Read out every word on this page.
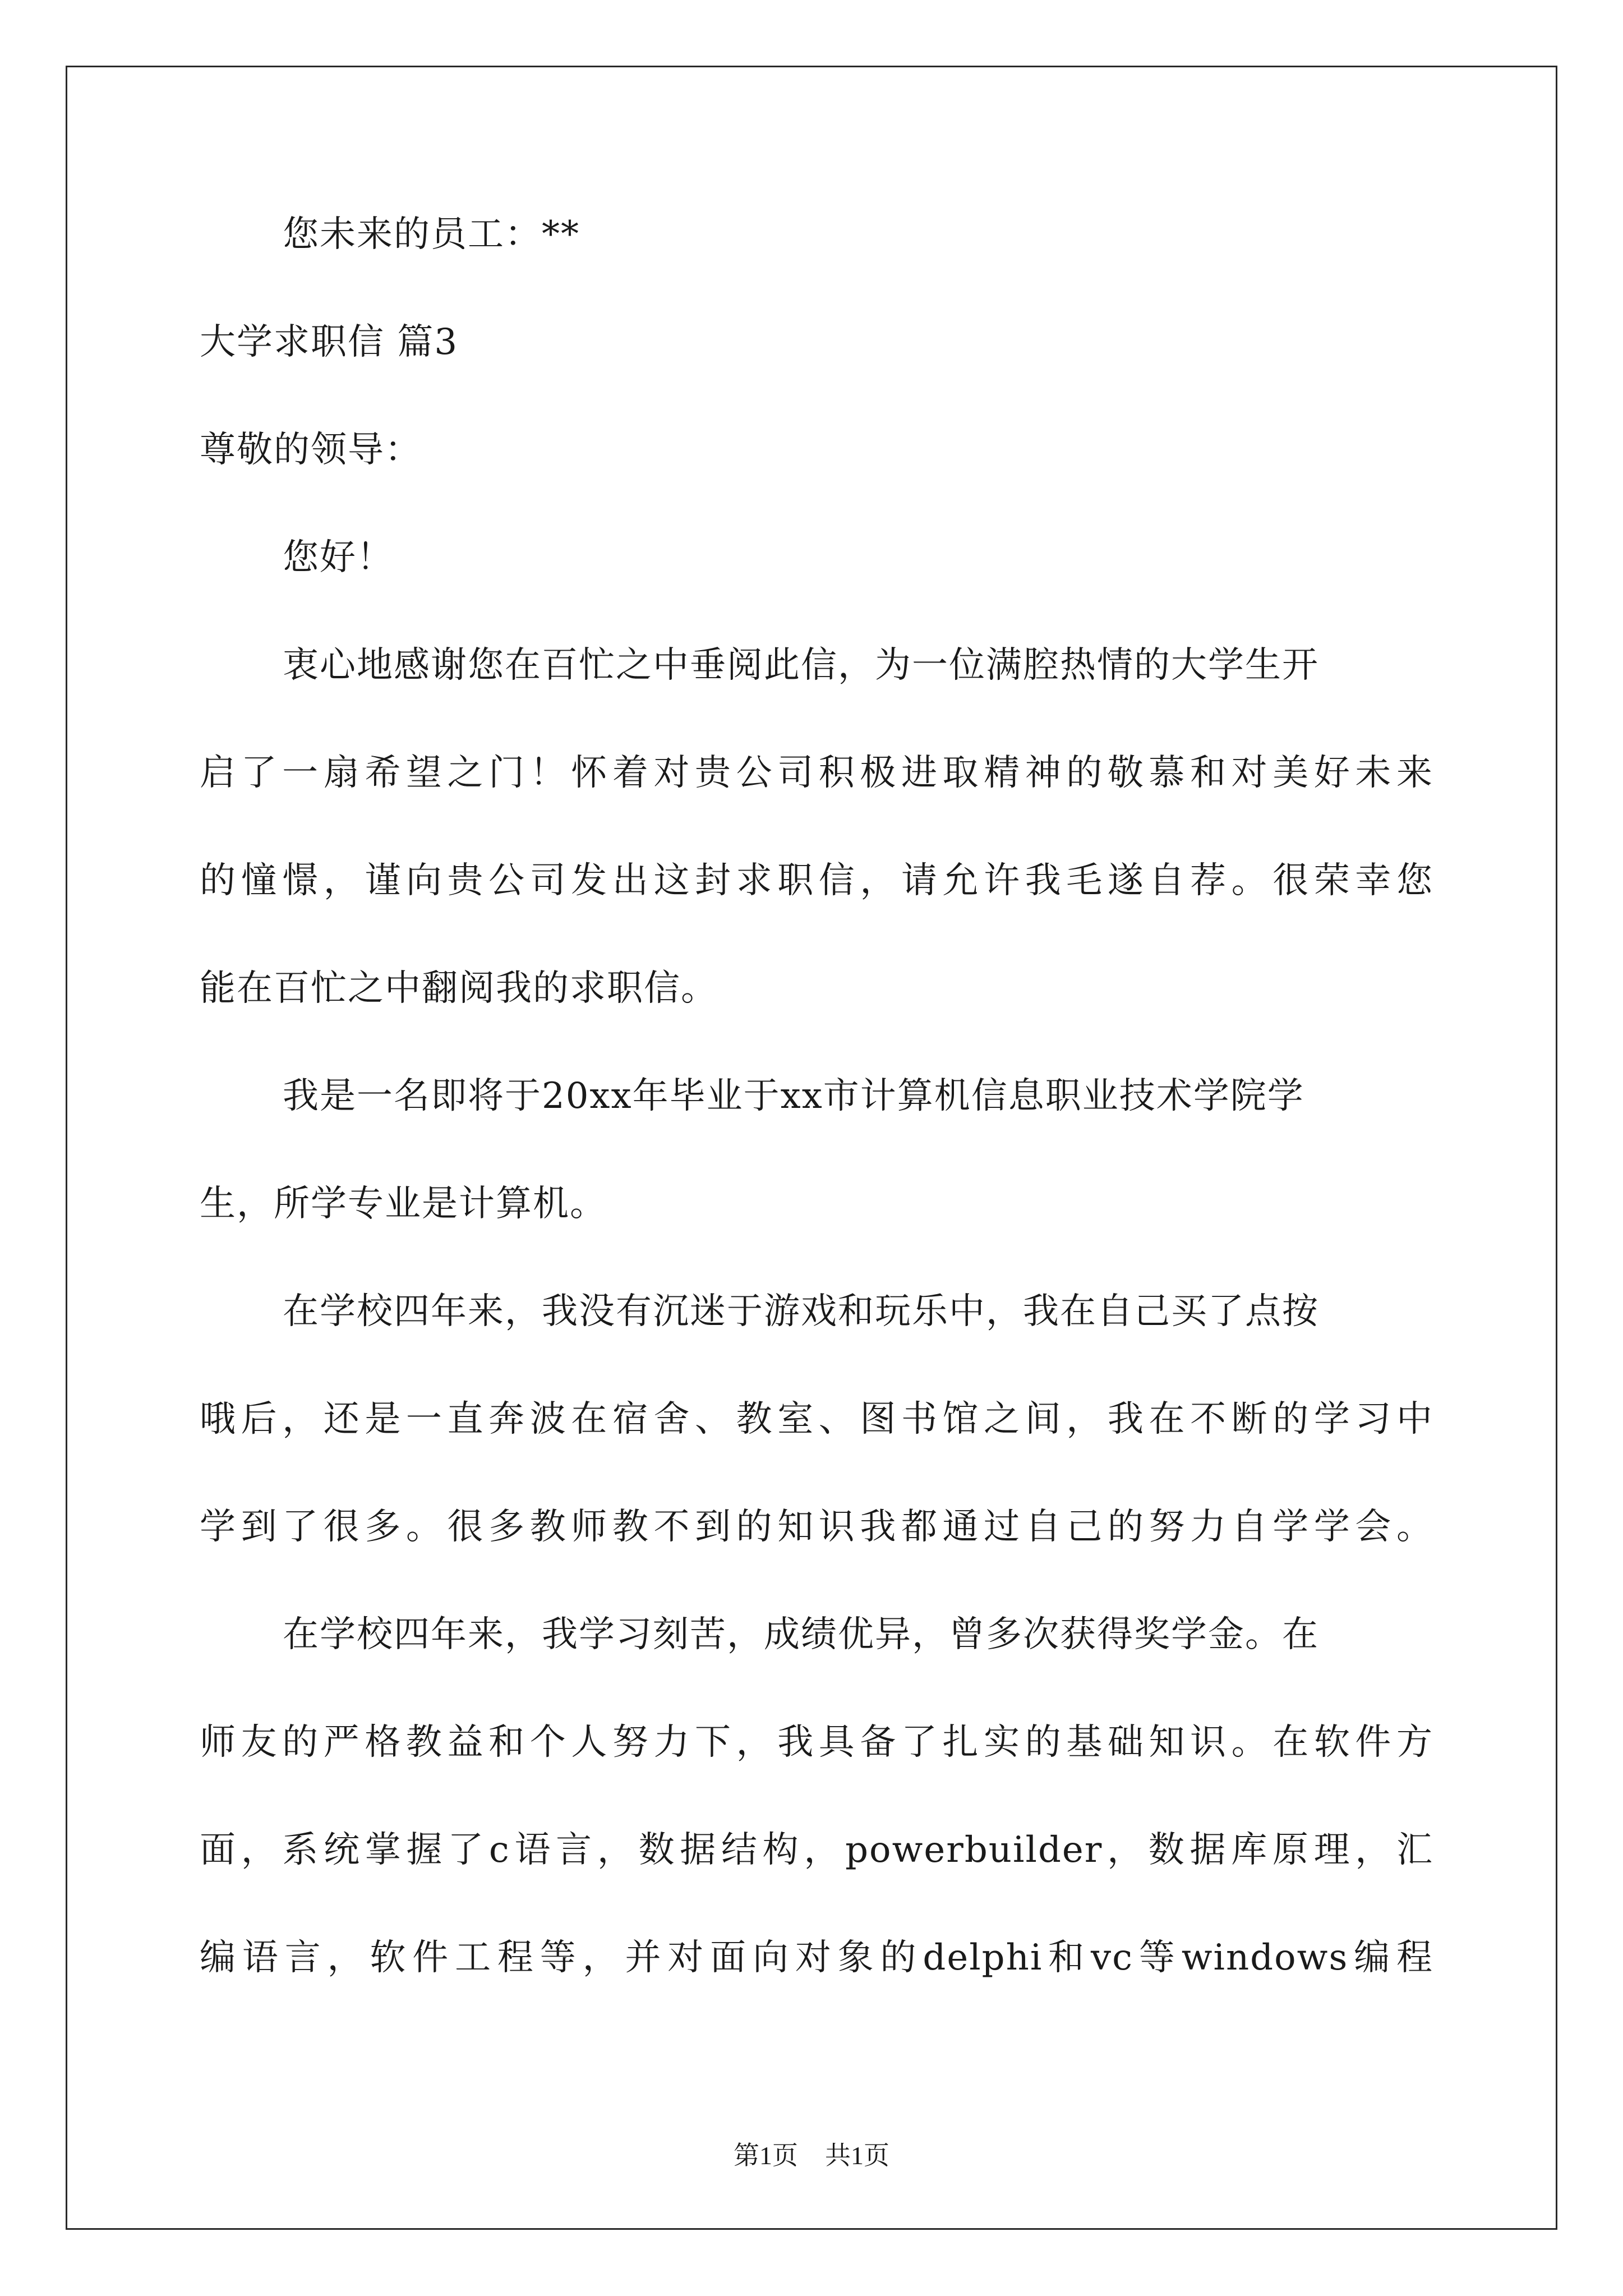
您未来的员工：**
大学求职信 篇3
尊敬的领导：
您好！
衷心地感谢您在百忙之中垂阅此信，为一位满腔热情的大学生开
启了一扇希望之门！怀着对贵公司积极进取精神的敬慕和对美好未来
的憧憬，谨向贵公司发出这封求职信，请允许我毛遂自荐。很荣幸您
能在百忙之中翻阅我的求职信。
我是一名即将于20xx年毕业于xx市计算机信息职业技术学院学
生，所学专业是计算机。
在学校四年来，我没有沉迷于游戏和玩乐中，我在自己买了点按
哦后，还是一直奔波在宿舍、教室、图书馆之间，我在不断的学习中
学到了很多。很多教师教不到的知识我都通过自己的努力自学学会。
在学校四年来，我学习刻苦，成绩优异，曾多次获得奖学金。在
师友的严格教益和个人努力下，我具备了扎实的基础知识。在软件方
面，系统掌握了c语言，数据结构，powerbuilder，数据库原理，汇
编语言，软件工程等，并对面向对象的delphi和vc等windows编程
第1页 共1页
